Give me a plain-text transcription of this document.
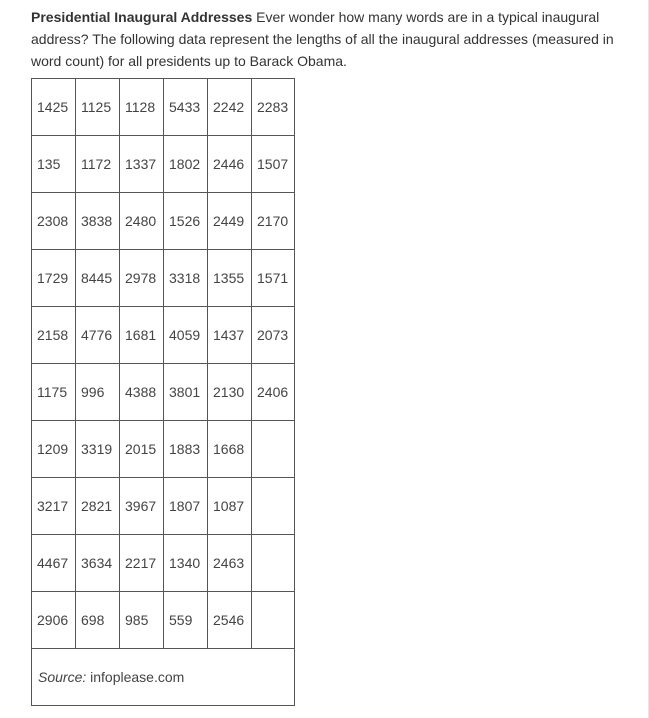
Presidential Inaugural Addresses Ever wonder how many words are in a typical inaugural address? The following data represent the lengths of all the inaugural addresses (measured in word count) for all presidents up to Barack Obama.

1425	1125	1128	5433	2242	2283
135	1172	1337	1802	2446	1507
2308	3838	2480	1526	2449	2170
1729	8445	2978	3318	1355	1571
2158	4776	1681	4059	1437	2073
1175	996	4388	3801	2130	2406
1209	3319	2015	1883	1668	
3217	2821	3967	1807	1087	
4467	3634	2217	1340	2463	
2906	698	985	559	2546	
Source: infoplease.com					
